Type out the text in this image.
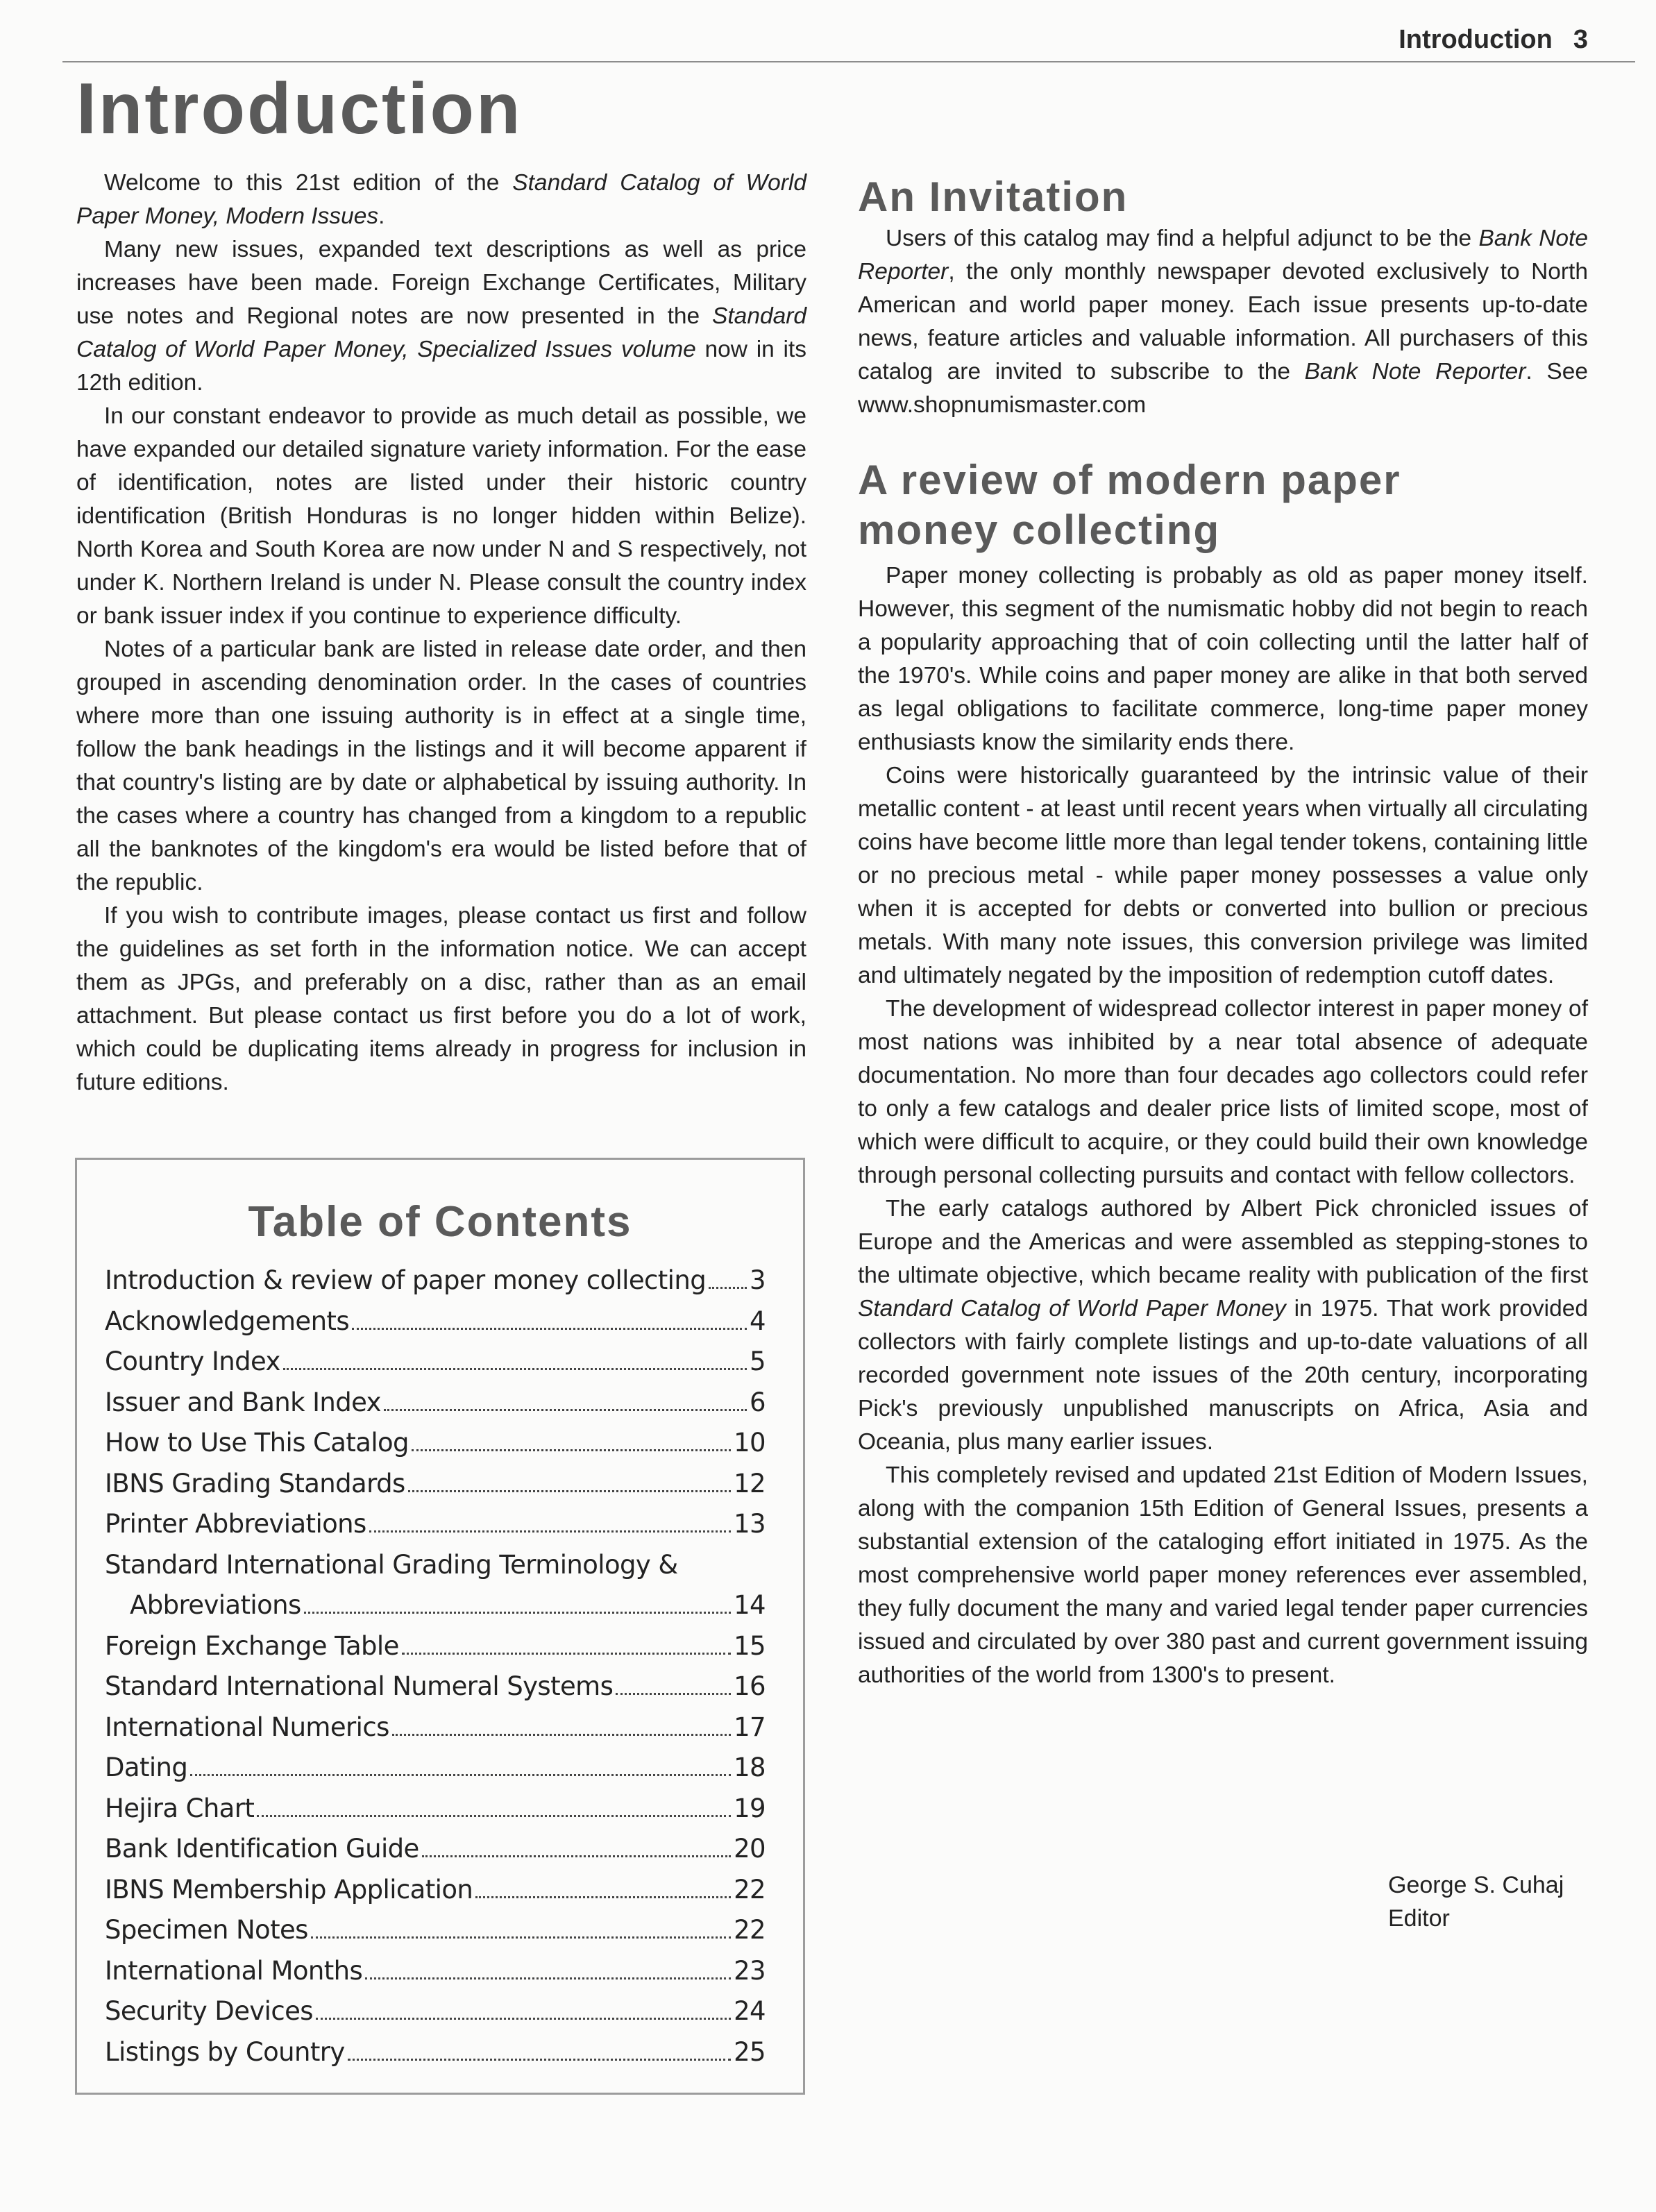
Introduction 3
Introduction

Welcome to this 21st edition of the Standard Catalog of World Paper Money, Modern Issues.

Many new issues, expanded text descriptions as well as price increases have been made. Foreign Exchange Certificates, Military use notes and Regional notes are now presented in the Standard Catalog of World Paper Money, Specialized Issues volume now in its 12th edition.

In our constant endeavor to provide as much detail as possible, we have expanded our detailed signature variety information. For the ease of identification, notes are listed under their historic country identification (British Honduras is no longer hidden within Belize). North Korea and South Korea are now under N and S respectively, not under K. Northern Ireland is under N. Please consult the country index or bank issuer index if you continue to experience difficulty.

Notes of a particular bank are listed in release date order, and then grouped in ascending denomination order. In the cases of countries where more than one issuing authority is in effect at a single time, follow the bank headings in the listings and it will become apparent if that country's listing are by date or alphabetical by issuing authority. In the cases where a country has changed from a kingdom to a republic all the banknotes of the kingdom's era would be listed before that of the republic.

If you wish to contribute images, please contact us first and follow the guidelines as set forth in the information notice. We can accept them as JPGs, and preferably on a disc, rather than as an email attachment. But please contact us first before you do a lot of work, which could be duplicating items already in progress for inclusion in future editions.

Table of Contents
Introduction & review of paper money collecting 3
Acknowledgements	4
Country Index	5
Issuer and Bank Index	6
How to Use This Catalog	10
IBNS Grading Standards	12
Printer Abbreviations	13
Standard International Grading Terminology &
Abbreviations	14
Foreign Exchange Table	15
Standard International Numeral Systems	16
International Numerics	17
Dating	18
Hejira Chart	19
Bank Identification Guide	20
IBNS Membership Application	22
Specimen Notes	22
International Months	23
Security Devices	24
Listings by Country	25
An Invitation

Users of this catalog may find a helpful adjunct to be the Bank Note Reporter, the only monthly newspaper devoted exclusively to North American and world paper money. Each issue presents up-to-date news, feature articles and valuable information. All purchasers of this catalog are invited to subscribe to the Bank Note Reporter. See www.shopnumismaster.com

A review of modern paper
money collecting

Paper money collecting is probably as old as paper money itself. However, this segment of the numismatic hobby did not begin to reach a popularity approaching that of coin collecting until the latter half of the 1970's. While coins and paper money are alike in that both served as legal obligations to facilitate commerce, long-time paper money enthusiasts know the similarity ends there.

Coins were historically guaranteed by the intrinsic value of their metallic content - at least until recent years when virtually all circulating coins have become little more than legal tender tokens, containing little or no precious metal - while paper money possesses a value only when it is accepted for debts or converted into bullion or precious metals. With many note issues, this conversion privilege was limited and ultimately negated by the imposition of redemption cutoff dates.

The development of widespread collector interest in paper money of most nations was inhibited by a near total absence of adequate documentation. No more than four decades ago collectors could refer to only a few catalogs and dealer price lists of limited scope, most of which were difficult to acquire, or they could build their own knowledge through personal collecting pursuits and contact with fellow collectors.

The early catalogs authored by Albert Pick chronicled issues of Europe and the Americas and were assembled as stepping-stones to the ultimate objective, which became reality with publication of the first Standard Catalog of World Paper Money in 1975. That work provided collectors with fairly complete listings and up-to-date valuations of all recorded government note issues of the 20th century, incorporating Pick's previously unpublished manuscripts on Africa, Asia and Oceania, plus many earlier issues.

This completely revised and updated 21st Edition of Modern Issues, along with the companion 15th Edition of General Issues, presents a substantial extension of the cataloging effort initiated in 1975. As the most comprehensive world paper money references ever assembled, they fully document the many and varied legal tender paper currencies issued and circulated by over 380 past and current government issuing authorities of the world from 1300's to present.

George S. Cuhaj
Editor
